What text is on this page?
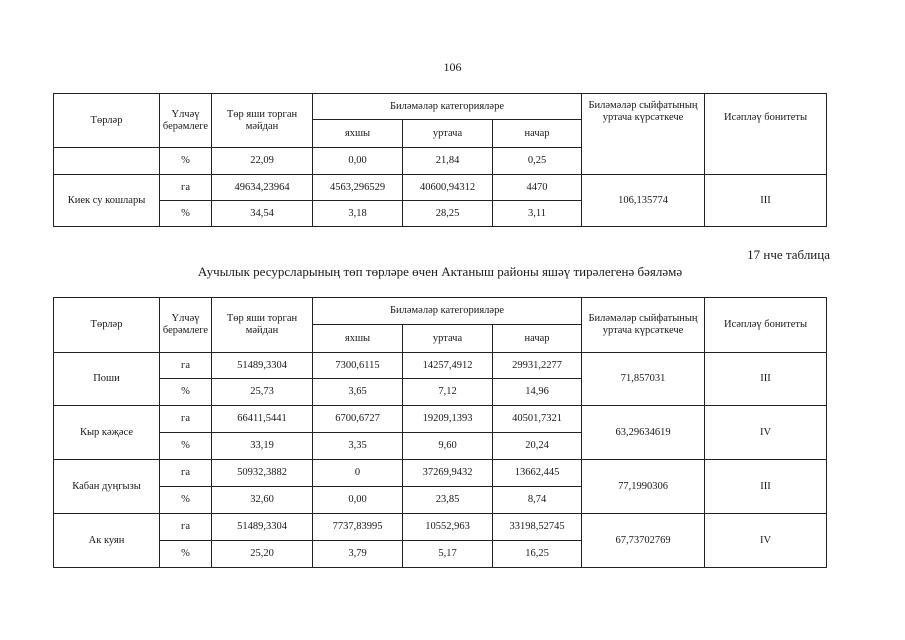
106
Төрләр	Үлчәү берәмлеге	Төр яши торган мәйдан	Биләмәләр категорияләре			Биләмәләр сыйфатының уртача күрсәткече	Исәпләү бонитеты
			яхшы	уртача	начар		
	%	22,09	0,00	21,84	0,25		
Киек су кошлары	га	49634,23964	4563,296529	40600,94312	4470	106,135774	III
	%	34,54	3,18	28,25	3,11		
17 нче таблица
Аучылык ресурсларының төп төрләре өчен Актаныш районы яшәү тирәлегенә бәяләмә
Төрләр	Үлчәү берәмлеге	Төр яши торган мәйдан	Биләмәләр категорияләре			Биләмәләр сыйфатының уртача күрсәткече	Исәпләү бонитеты
			яхшы	уртача	начар		
Поши	га	51489,3304	7300,6115	14257,4912	29931,2277	71,857031	III
	%	25,73	3,65	7,12	14,96		
Кыр кәҗәсе	га	66411,5441	6700,6727	19209,1393	40501,7321	63,29634619	IV
	%	33,19	3,35	9,60	20,24		
Кабан дуңгызы	га	50932,3882	0	37269,9432	13662,445	77,1990306	III
	%	32,60	0,00	23,85	8,74		
Ак куян	га	51489,3304	7737,83995	10552,963	33198,52745	67,73702769	IV
	%	25,20	3,79	5,17	16,25		
